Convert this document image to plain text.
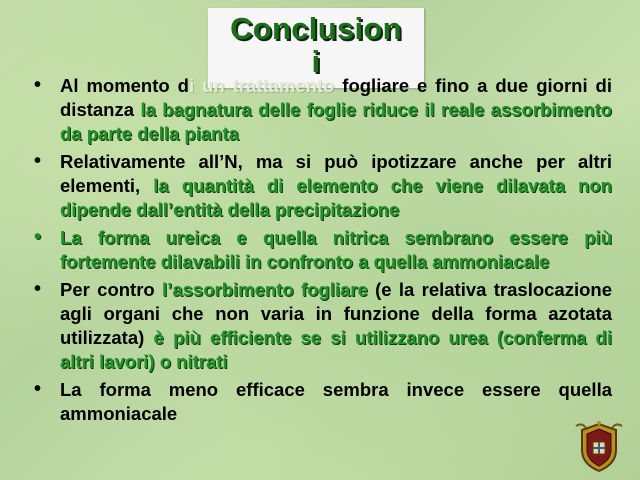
Conclusion
i
• Al momento di un trattamento fogliare e fino a due giorni di distanza la bagnatura delle foglie riduce il reale assorbimento da parte della pianta
• Relativamente all’N, ma si può ipotizzare anche per altri elementi, la quantità di elemento che viene dilavata non dipende dall’entità della precipitazione
• La forma ureica e quella nitrica sembrano essere più fortemente dilavabili in confronto a quella ammoniacale
• Per contro l’assorbimento fogliare (e la relativa traslocazione agli organi che non varia in funzione della forma azotata utilizzata) è più efficiente se si utilizzano urea (conferma di altri lavori) o nitrati
• La forma meno efficace sembra invece essere quella ammoniacale
